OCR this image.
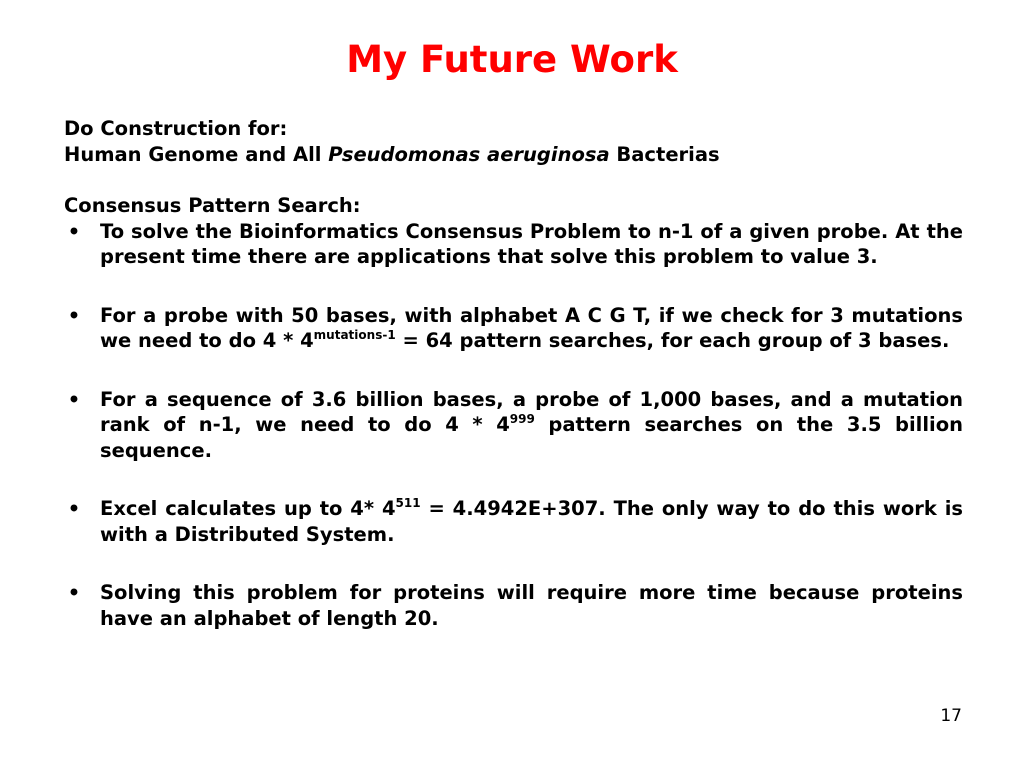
My Future Work

Do Construction for:

Human Genome and All Pseudomonas aeruginosa Bacterias

Consensus Pattern Search:

• To solve the Bioinformatics Consensus Problem to n-1 of a given probe. At the present time there are applications that solve this problem to value 3.
• For a probe with 50 bases, with alphabet A C G T, if we check for 3 mutations we need to do $4 * 4^{mutations-1} = 64$ pattern searches, for each group of 3 bases.
• For a sequence of 3.6 billion bases, a probe of 1,000 bases, and a mutation rank of n-1, we need to do $4 * 4^{999}$ pattern searches on the 3.5 billion sequence.
• Excel calculates up to 4* $4^{511} = 4.4942E+307$. The only way to do this work is with a Distributed System.
• Solving this problem for proteins will require more time because proteins have an alphabet of length 20.
17
